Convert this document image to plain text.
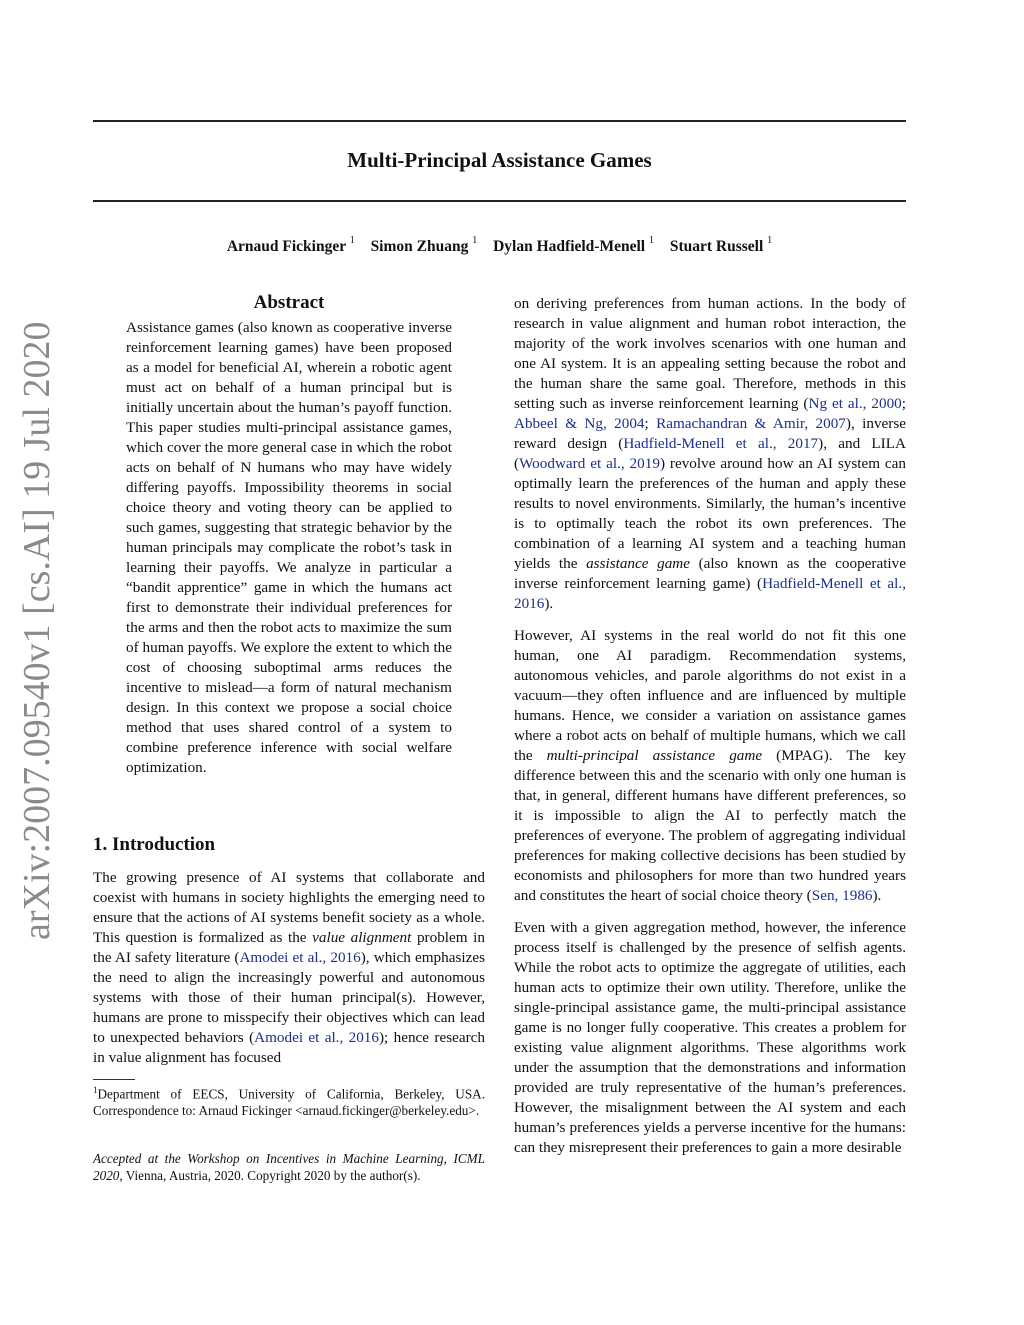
Multi-Principal Assistance Games
Arnaud Fickinger $^1$ Simon Zhuang $^1$ Dylan Hadfield-Menell $^1$ Stuart Russell $^1$
arXiv:2007.09540v1 [cs.AI] 19 Jul 2020
Abstract

Assistance games (also known as cooperative inverse reinforcement learning games) have been proposed as a model for beneficial AI, wherein a robotic agent must act on behalf of a human principal but is initially uncertain about the human’s payoff function. This paper studies multi-principal assistance games, which cover the more general case in which the robot acts on behalf of N humans who may have widely differing payoffs. Impossibility theorems in social choice theory and voting theory can be applied to such games, suggesting that strategic behavior by the human principals may complicate the robot’s task in learning their payoffs. We analyze in particular a “bandit apprentice” game in which the humans act first to demonstrate their individual preferences for the arms and then the robot acts to maximize the sum of human payoffs. We explore the extent to which the cost of choosing suboptimal arms reduces the incentive to mislead—a form of natural mechanism design. In this context we propose a social choice method that uses shared control of a system to combine preference inference with social welfare optimization.

1. Introduction

The growing presence of AI systems that collaborate and coexist with humans in society highlights the emerging need to ensure that the actions of AI systems benefit society as a whole. This question is formalized as the value alignment problem in the AI safety literature (Amodei et al., 2016), which emphasizes the need to align the increasingly powerful and autonomous systems with those of their human principal(s). However, humans are prone to misspecify their objectives which can lead to unexpected behaviors (Amodei et al., 2016); hence research in value alignment has focused

$^1$Department of EECS, University of California, Berkeley, USA. Correspondence to: Arnaud Fickinger <arnaud.fickinger@berkeley.edu>.

Accepted at the Workshop on Incentives in Machine Learning, ICML 2020, Vienna, Austria, 2020. Copyright 2020 by the author(s).

on deriving preferences from human actions. In the body of research in value alignment and human robot interaction, the majority of the work involves scenarios with one human and one AI system. It is an appealing setting because the robot and the human share the same goal. Therefore, methods in this setting such as inverse reinforcement learning (Ng et al., 2000; Abbeel & Ng, 2004; Ramachandran & Amir, 2007), inverse reward design (Hadfield-Menell et al., 2017), and LILA (Woodward et al., 2019) revolve around how an AI system can optimally learn the preferences of the human and apply these results to novel environments. Similarly, the human’s incentive is to optimally teach the robot its own preferences. The combination of a learning AI system and a teaching human yields the assistance game (also known as the cooperative inverse reinforcement learning game) (Hadfield-Menell et al., 2016).

However, AI systems in the real world do not fit this one human, one AI paradigm. Recommendation systems, autonomous vehicles, and parole algorithms do not exist in a vacuum—they often influence and are influenced by multiple humans. Hence, we consider a variation on assistance games where a robot acts on behalf of multiple humans, which we call the multi-principal assistance game (MPAG). The key difference between this and the scenario with only one human is that, in general, different humans have different preferences, so it is impossible to align the AI to perfectly match the preferences of everyone. The problem of aggregating individual preferences for making collective decisions has been studied by economists and philosophers for more than two hundred years and constitutes the heart of social choice theory (Sen, 1986).

Even with a given aggregation method, however, the inference process itself is challenged by the presence of selfish agents. While the robot acts to optimize the aggregate of utilities, each human acts to optimize their own utility. Therefore, unlike the single-principal assistance game, the multi-principal assistance game is no longer fully cooperative. This creates a problem for existing value alignment algorithms. These algorithms work under the assumption that the demonstrations and information provided are truly representative of the human’s preferences. However, the misalignment between the AI system and each human’s preferences yields a perverse incentive for the humans: can they misrepresent their preferences to gain a more desirable
